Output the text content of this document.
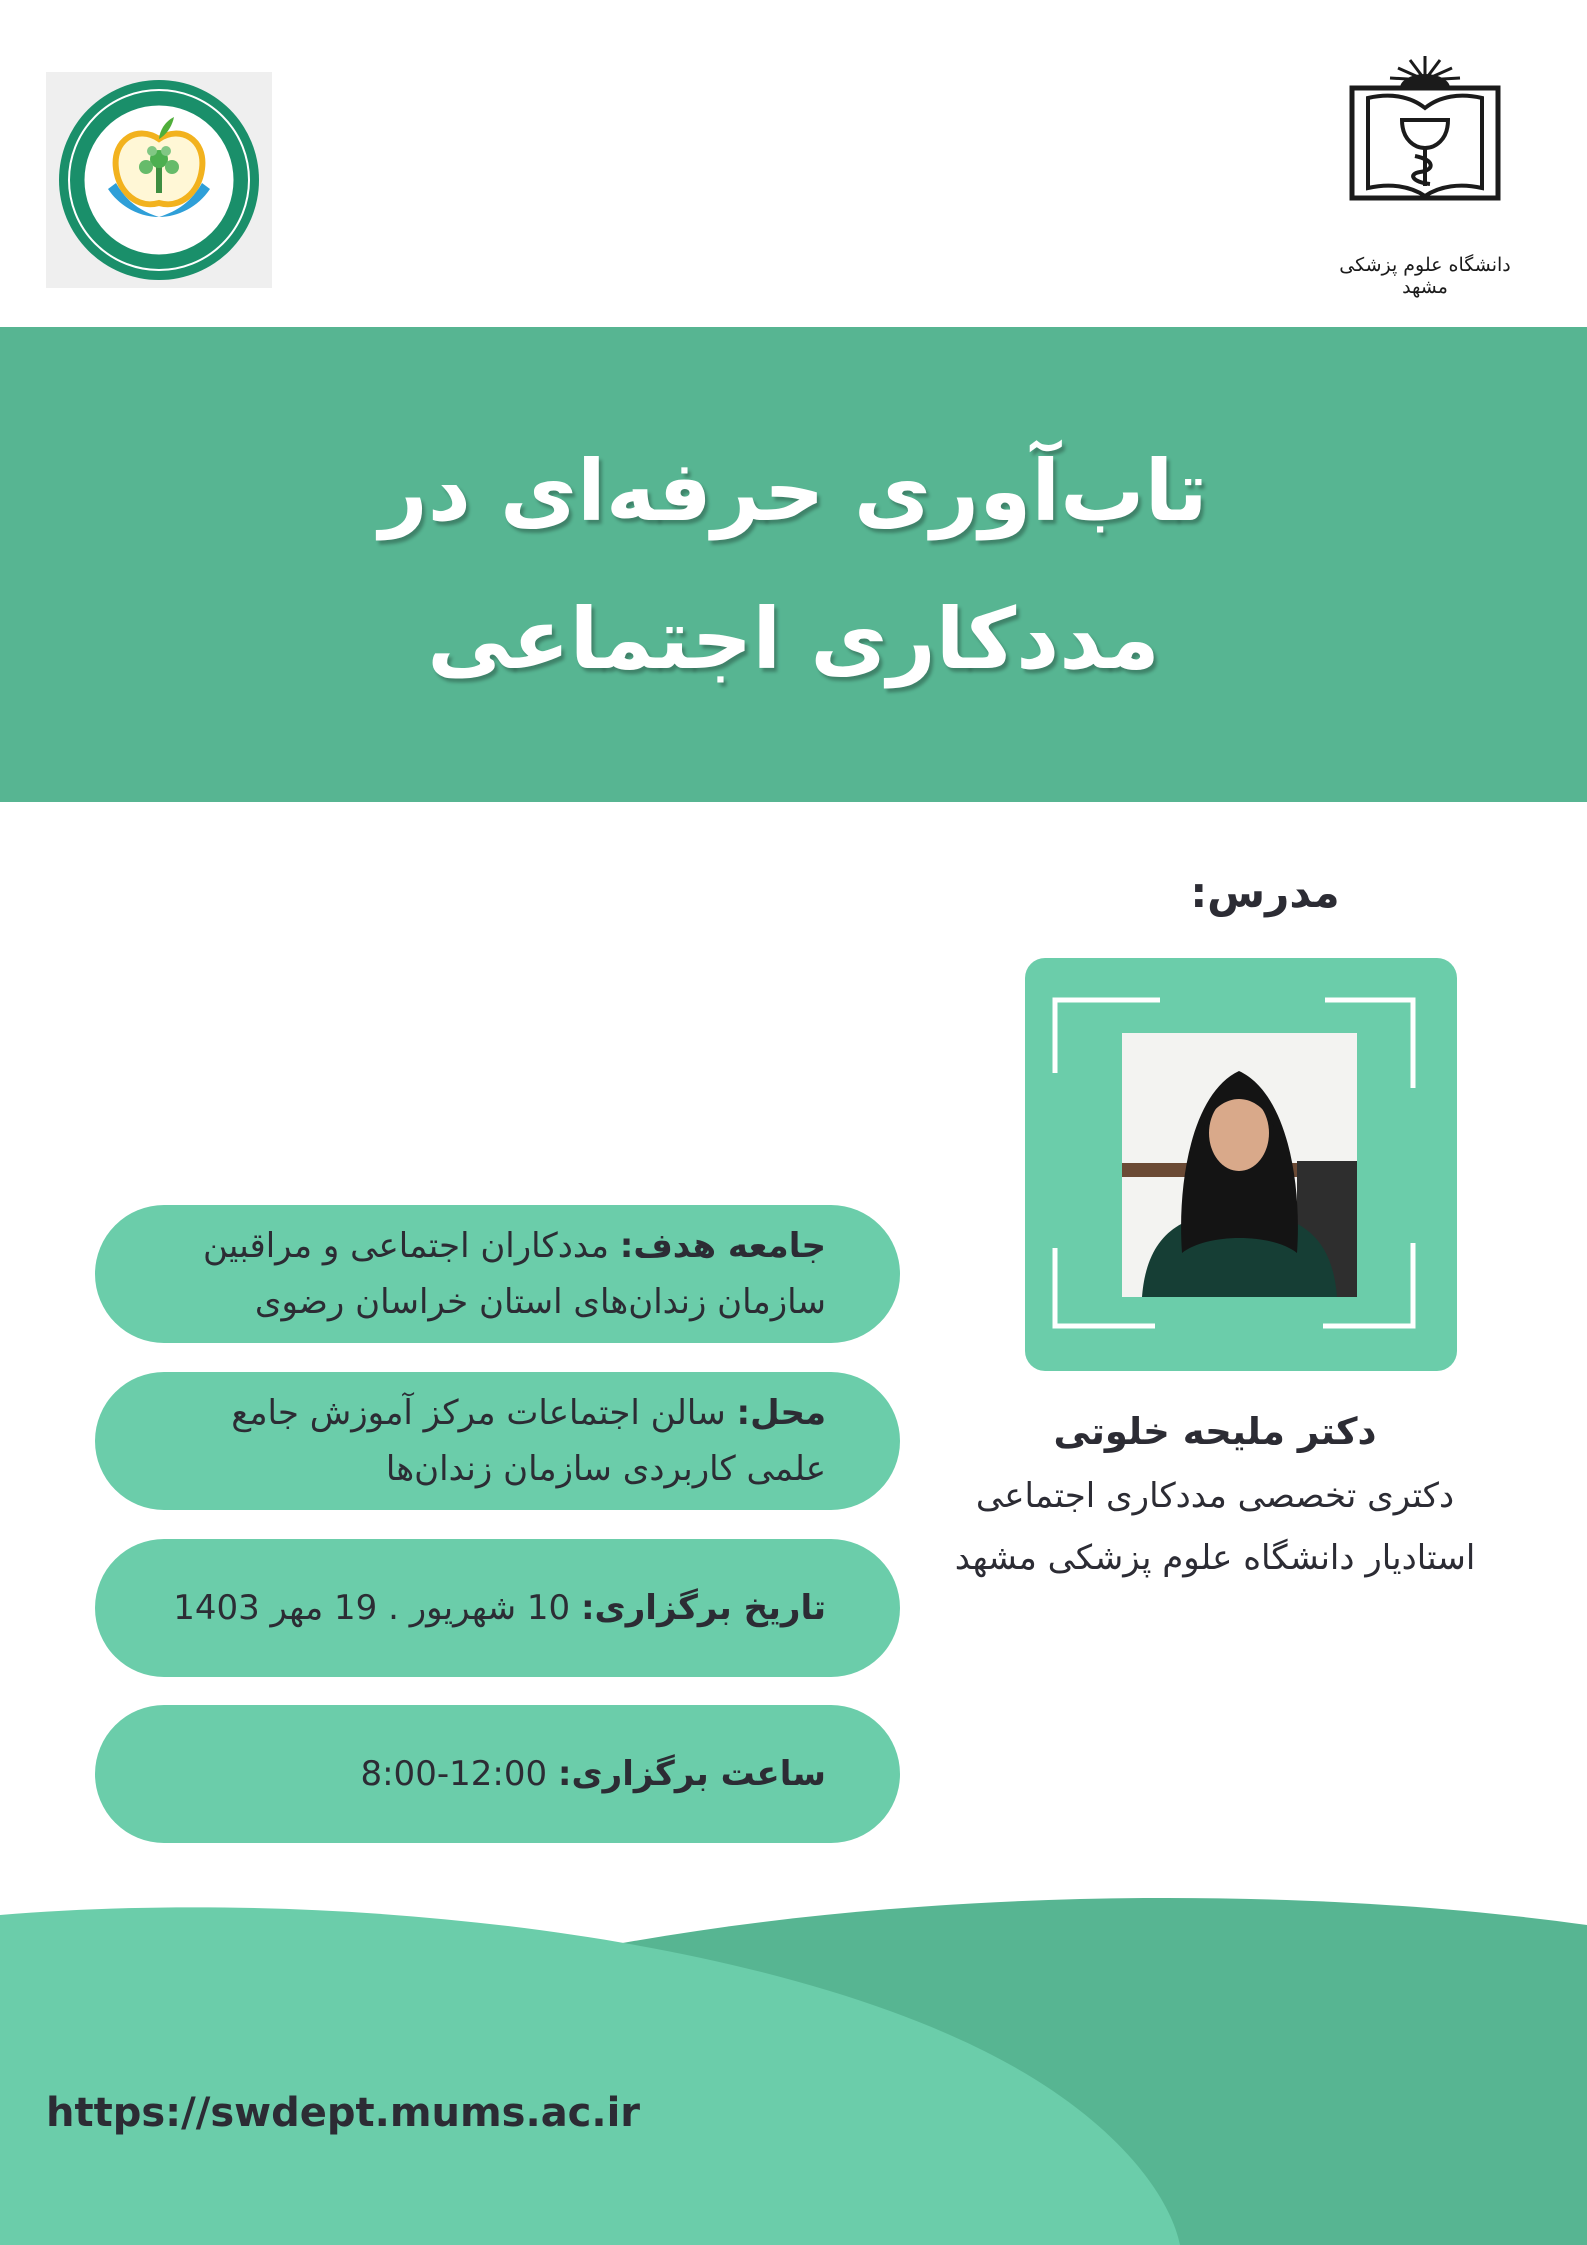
دانشگاه علوم پزشکی مشهد
تاب‌آوری حرفه‌ای در
مددکاری اجتماعی
مدرس:
دکتر ملیحه خلوتی
دکتری تخصصی مددکاری اجتماعی
استادیار دانشگاه علوم پزشکی مشهد
جامعه هدف: مددکاران اجتماعی و مراقبین
سازمان زندان‌های استان خراسان رضوی
محل: سالن اجتماعات مرکز آموزش جامع
علمی کاربردی سازمان زندان‌ها
تاریخ برگزاری: 10 شهریور . 19 مهر 1403
ساعت برگزاری: 12:00-8:00
https://swdept.mums.ac.ir
